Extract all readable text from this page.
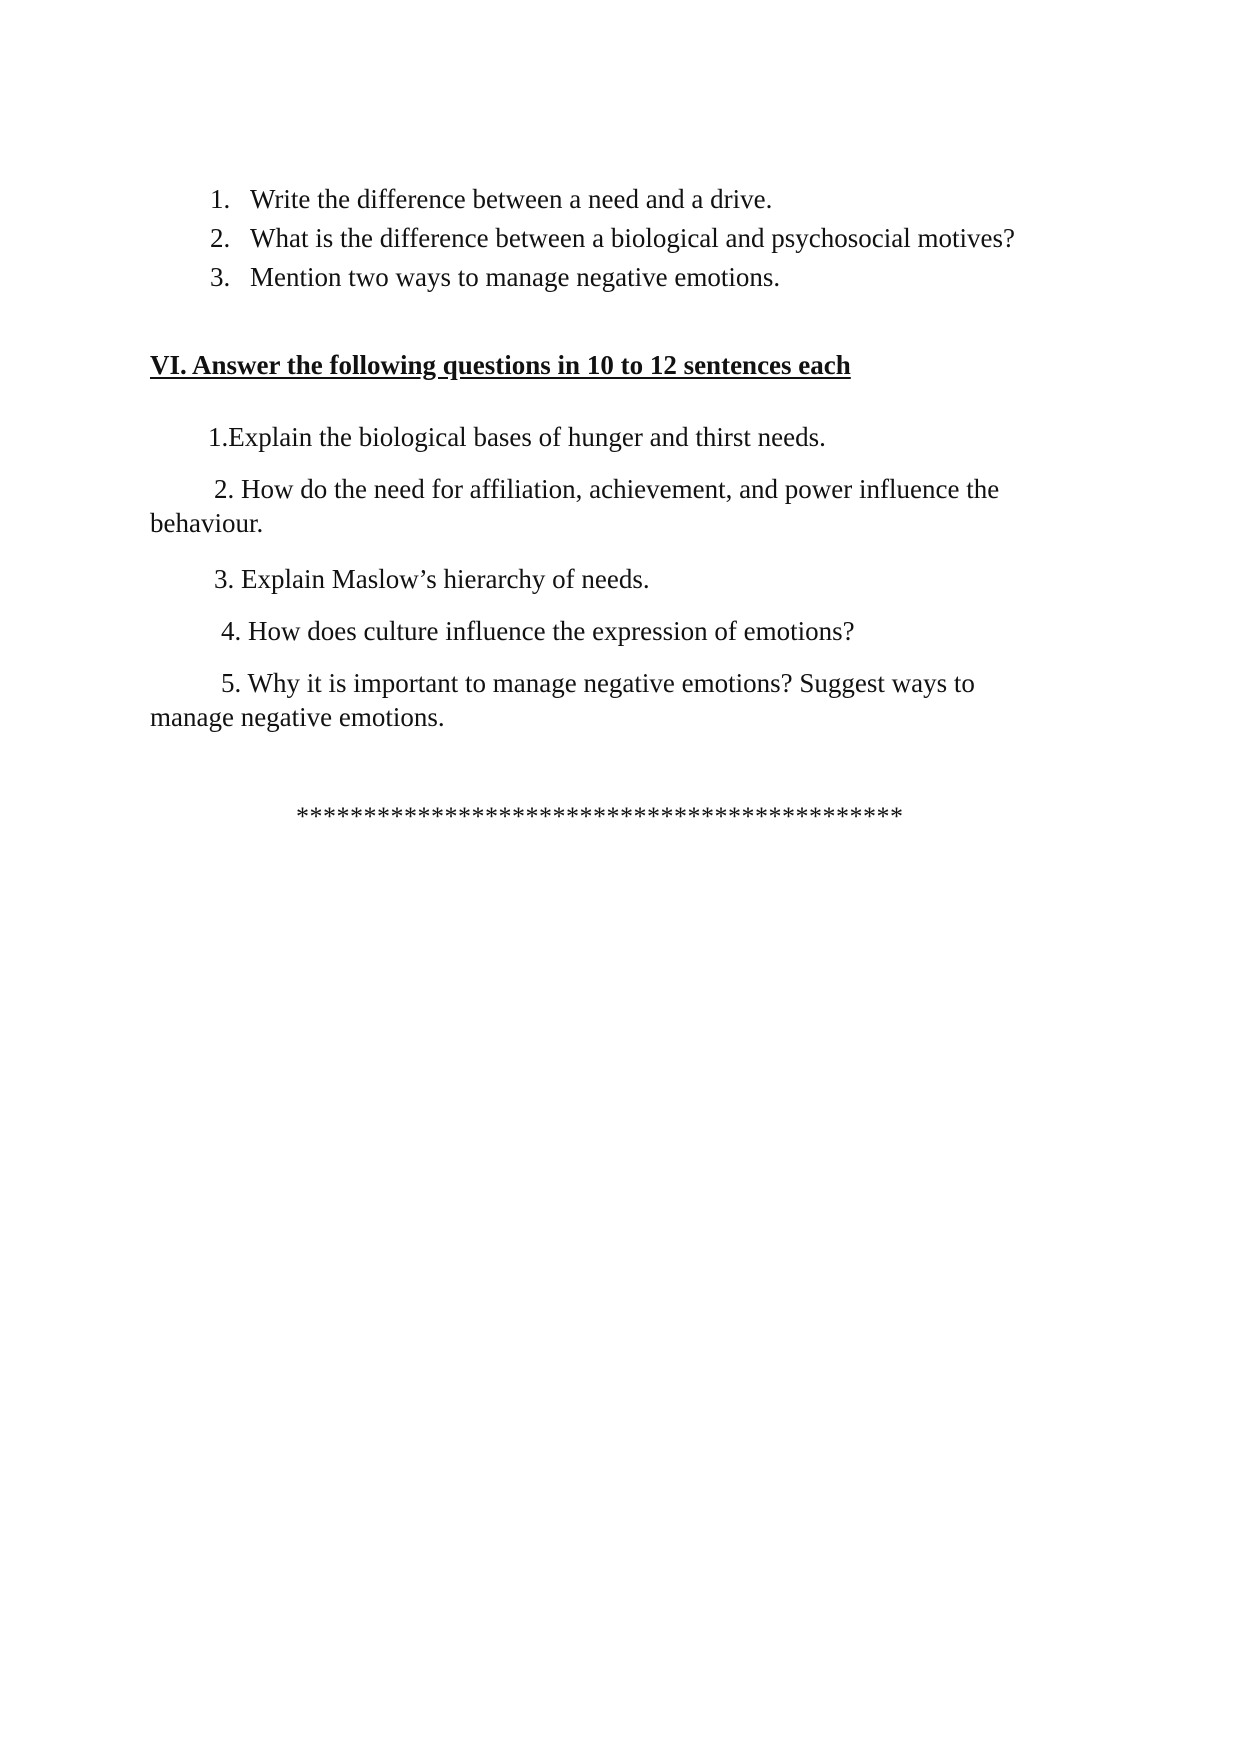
1. Write the difference between a need and a drive.
2. What is the difference between a biological and psychosocial motives?
3. Mention two ways to manage negative emotions.
VI. Answer the following questions in 10 to 12 sentences each

1.Explain the biological bases of hunger and thirst needs.

2. How do the need for affiliation, achievement, and power influence the behaviour.

3. Explain Maslow’s hierarchy of needs.

4. How does culture influence the expression of emotions?

5. Why it is important to manage negative emotions? Suggest ways to manage negative emotions.

*********************************************
